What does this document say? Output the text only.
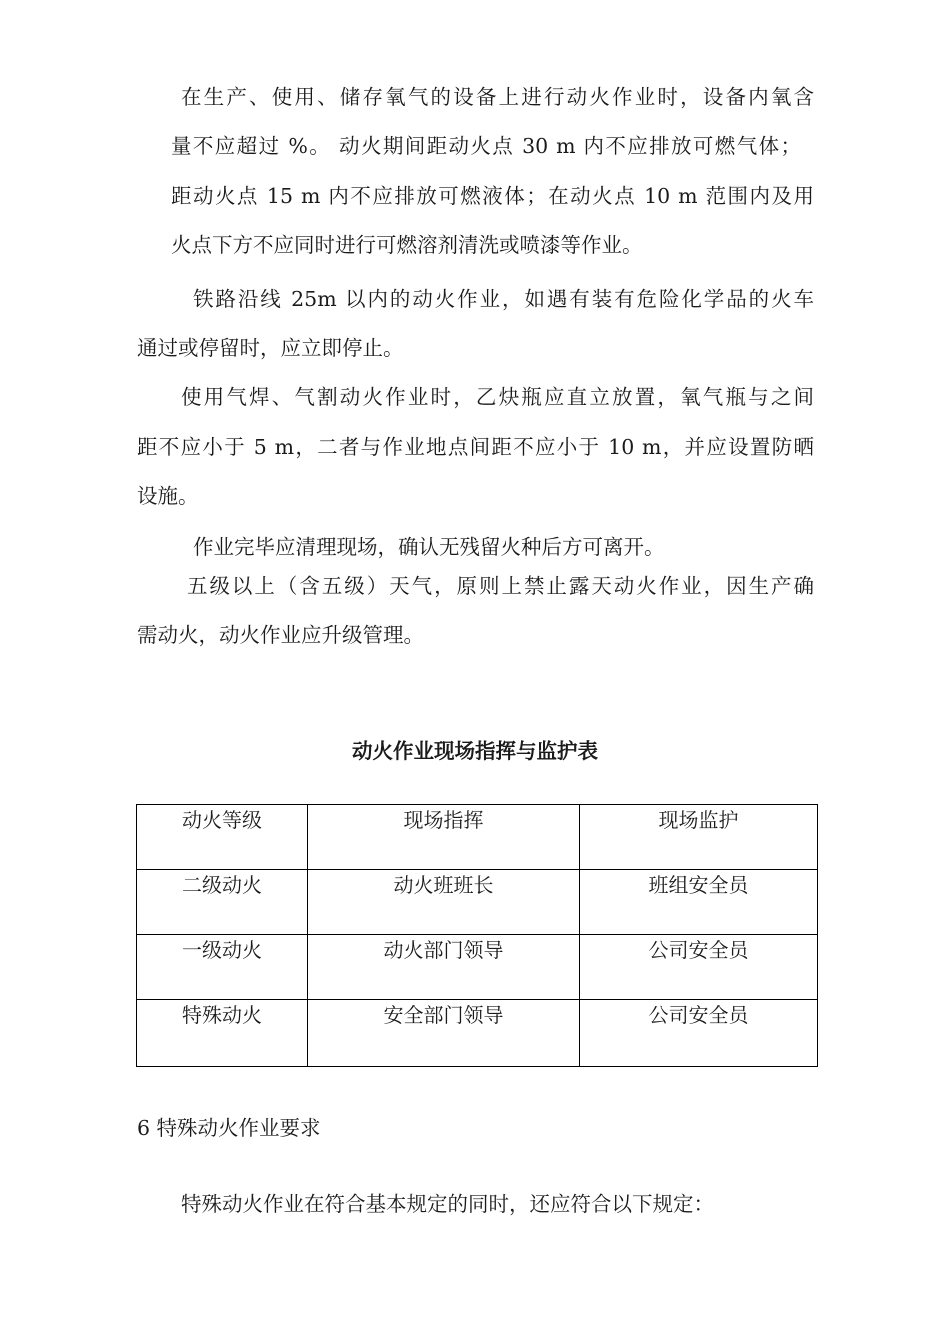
在生产、使用、储存氧气的设备上进行动火作业时，设备内氧含
量不应超过 %。 动火期间距动火点 30 m 内不应排放可燃气体；
距动火点 15 m 内不应排放可燃液体；在动火点 10 m 范围内及用
火点下方不应同时进行可燃溶剂清洗或喷漆等作业。
铁路沿线 25m 以内的动火作业，如遇有装有危险化学品的火车
通过或停留时，应立即停止。
使用气焊、气割动火作业时，乙炔瓶应直立放置，氧气瓶与之间
距不应小于 5 m，二者与作业地点间距不应小于 10 m，并应设置防晒
设施。
作业完毕应清理现场，确认无残留火种后方可离开。
五级以上（含五级）天气，原则上禁止露天动火作业，因生产确
需动火，动火作业应升级管理。
动火作业现场指挥与监护表
动火等级	现场指挥	现场监护
二级动火	动火班班长	班组安全员
一级动火	动火部门领导	公司安全员
特殊动火	安全部门领导	公司安全员
6 特殊动火作业要求
特殊动火作业在符合基本规定的同时，还应符合以下规定：
